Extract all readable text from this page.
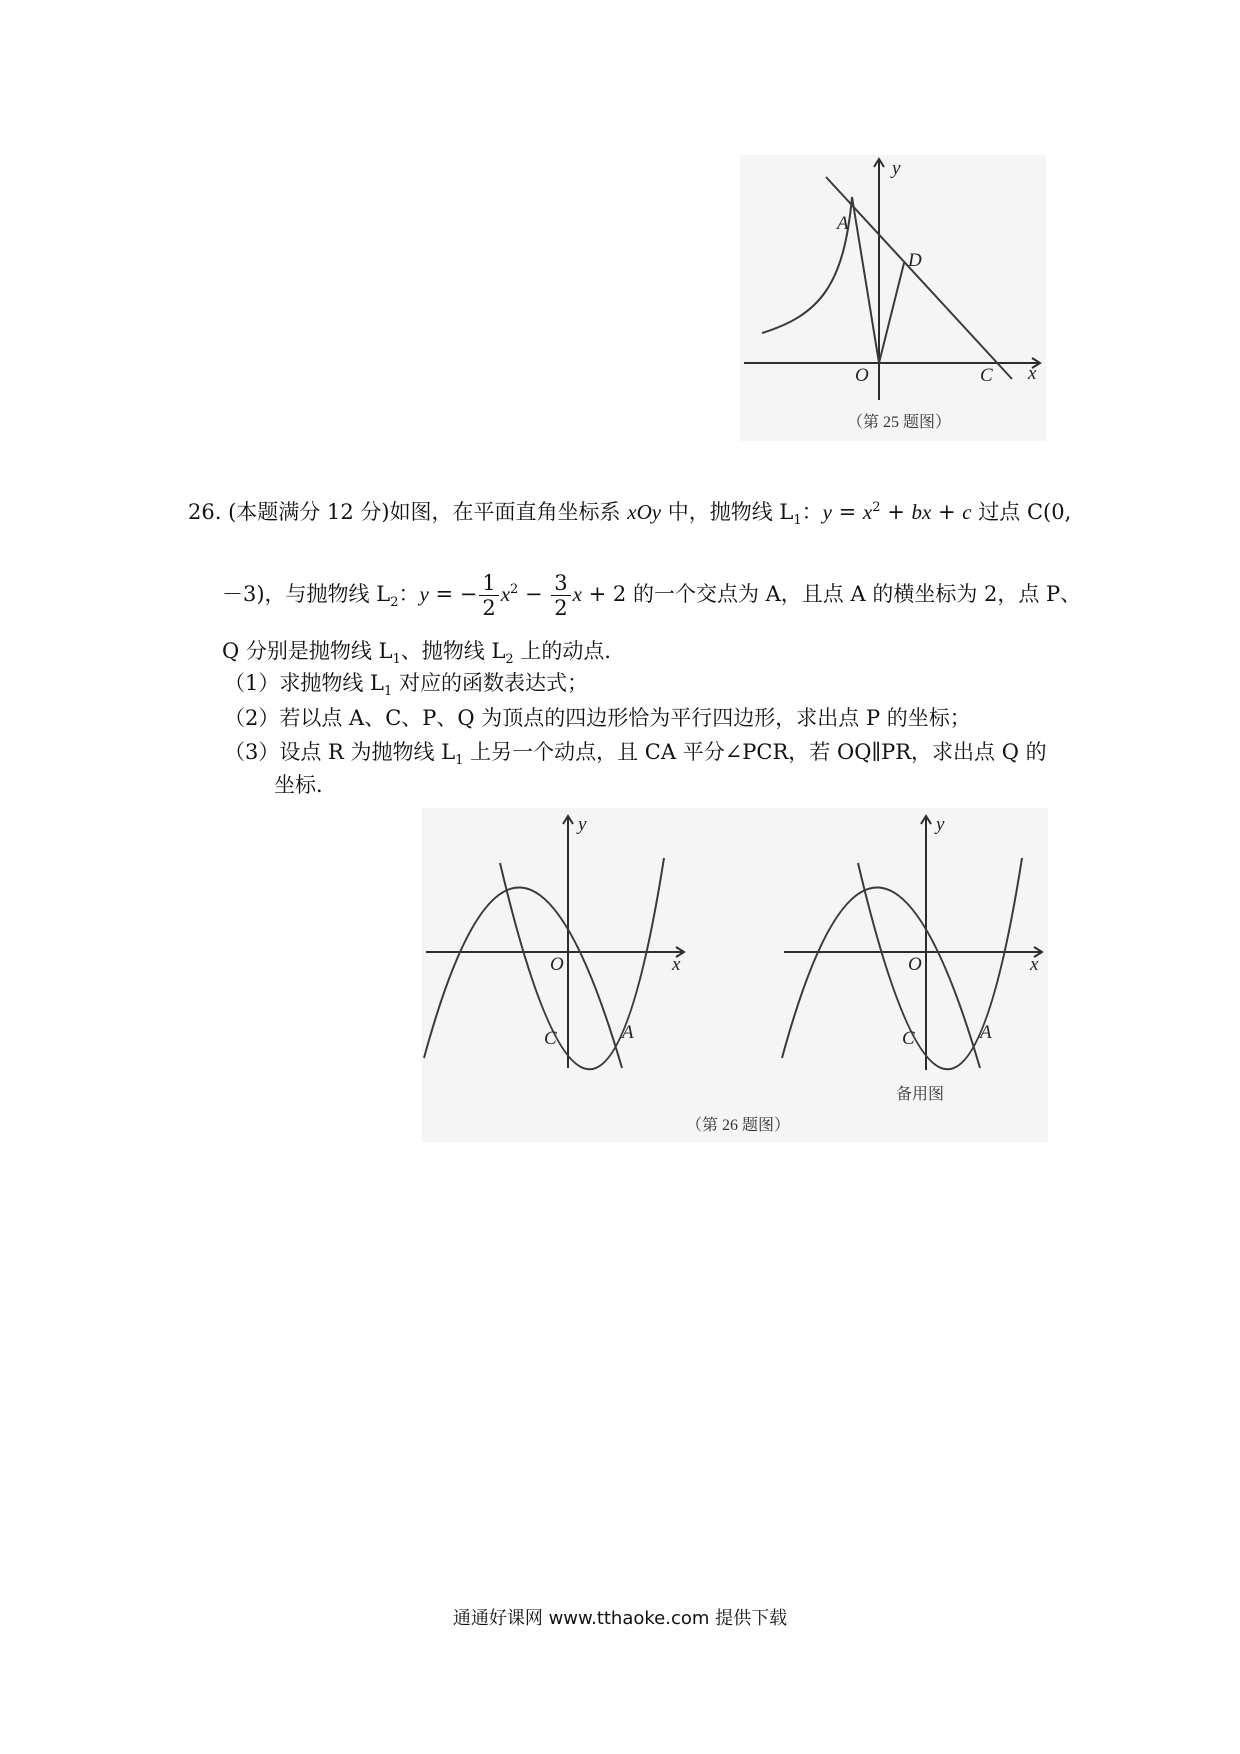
y
x
A
D
O	C
（第 25 题图）
26. (本题满分 12 分)如图，在平面直角坐标系 xOy 中，抛物线 $L_1$：$y = x^2$ + bx + c 过点 C(0,
－3)，与抛物线 $L_2$：y = − $\frac{1}{2} x^2 - \frac{3}{2}$ x + 2 的一个交点为 A，且点 A 的横坐标为 2，点 P、
Q 分别是抛物线 $L_1$、抛物线 $L_2$ 上的动点．
（1）求抛物线 $L_1$ 对应的函数表达式；
（2）若以点 A、C、P、Q 为顶点的四边形恰为平行四边形，求出点 P 的坐标；
（3）设点 R 为抛物线 $L_1$ 上另一个动点，且 CA 平分∠PCR，若 OQ∥PR，求出点 Q 的
坐标．
y
x
O
C	A
y
x
O
C	A
备用图
（第 26 题图）
通通好课网 www.tthaoke.com 提供下载
